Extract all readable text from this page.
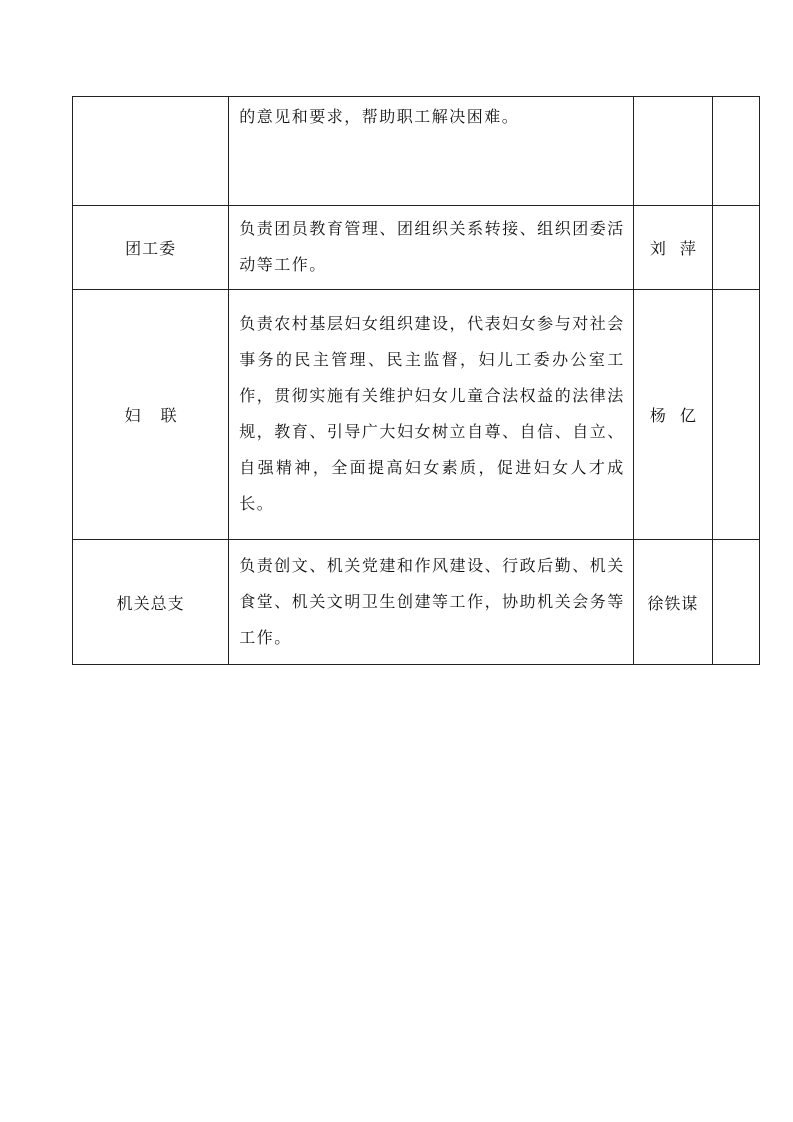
	的意见和要求，帮助职工解决困难。		
团工委	负责团员教育管理、团组织关系转接、组织团委活动等工作。	刘萍	
妇联	负责农村基层妇女组织建设，代表妇女参与对社会事务的民主管理、民主监督，妇儿工委办公室工作，贯彻实施有关维护妇女儿童合法权益的法律法规，教育、引导广大妇女树立自尊、自信、自立、自强精神，全面提高妇女素质，促进妇女人才成长。	杨亿	
机关总支	负责创文、机关党建和作风建设、行政后勤、机关食堂、机关文明卫生创建等工作，协助机关会务等工作。	徐铁谋	
